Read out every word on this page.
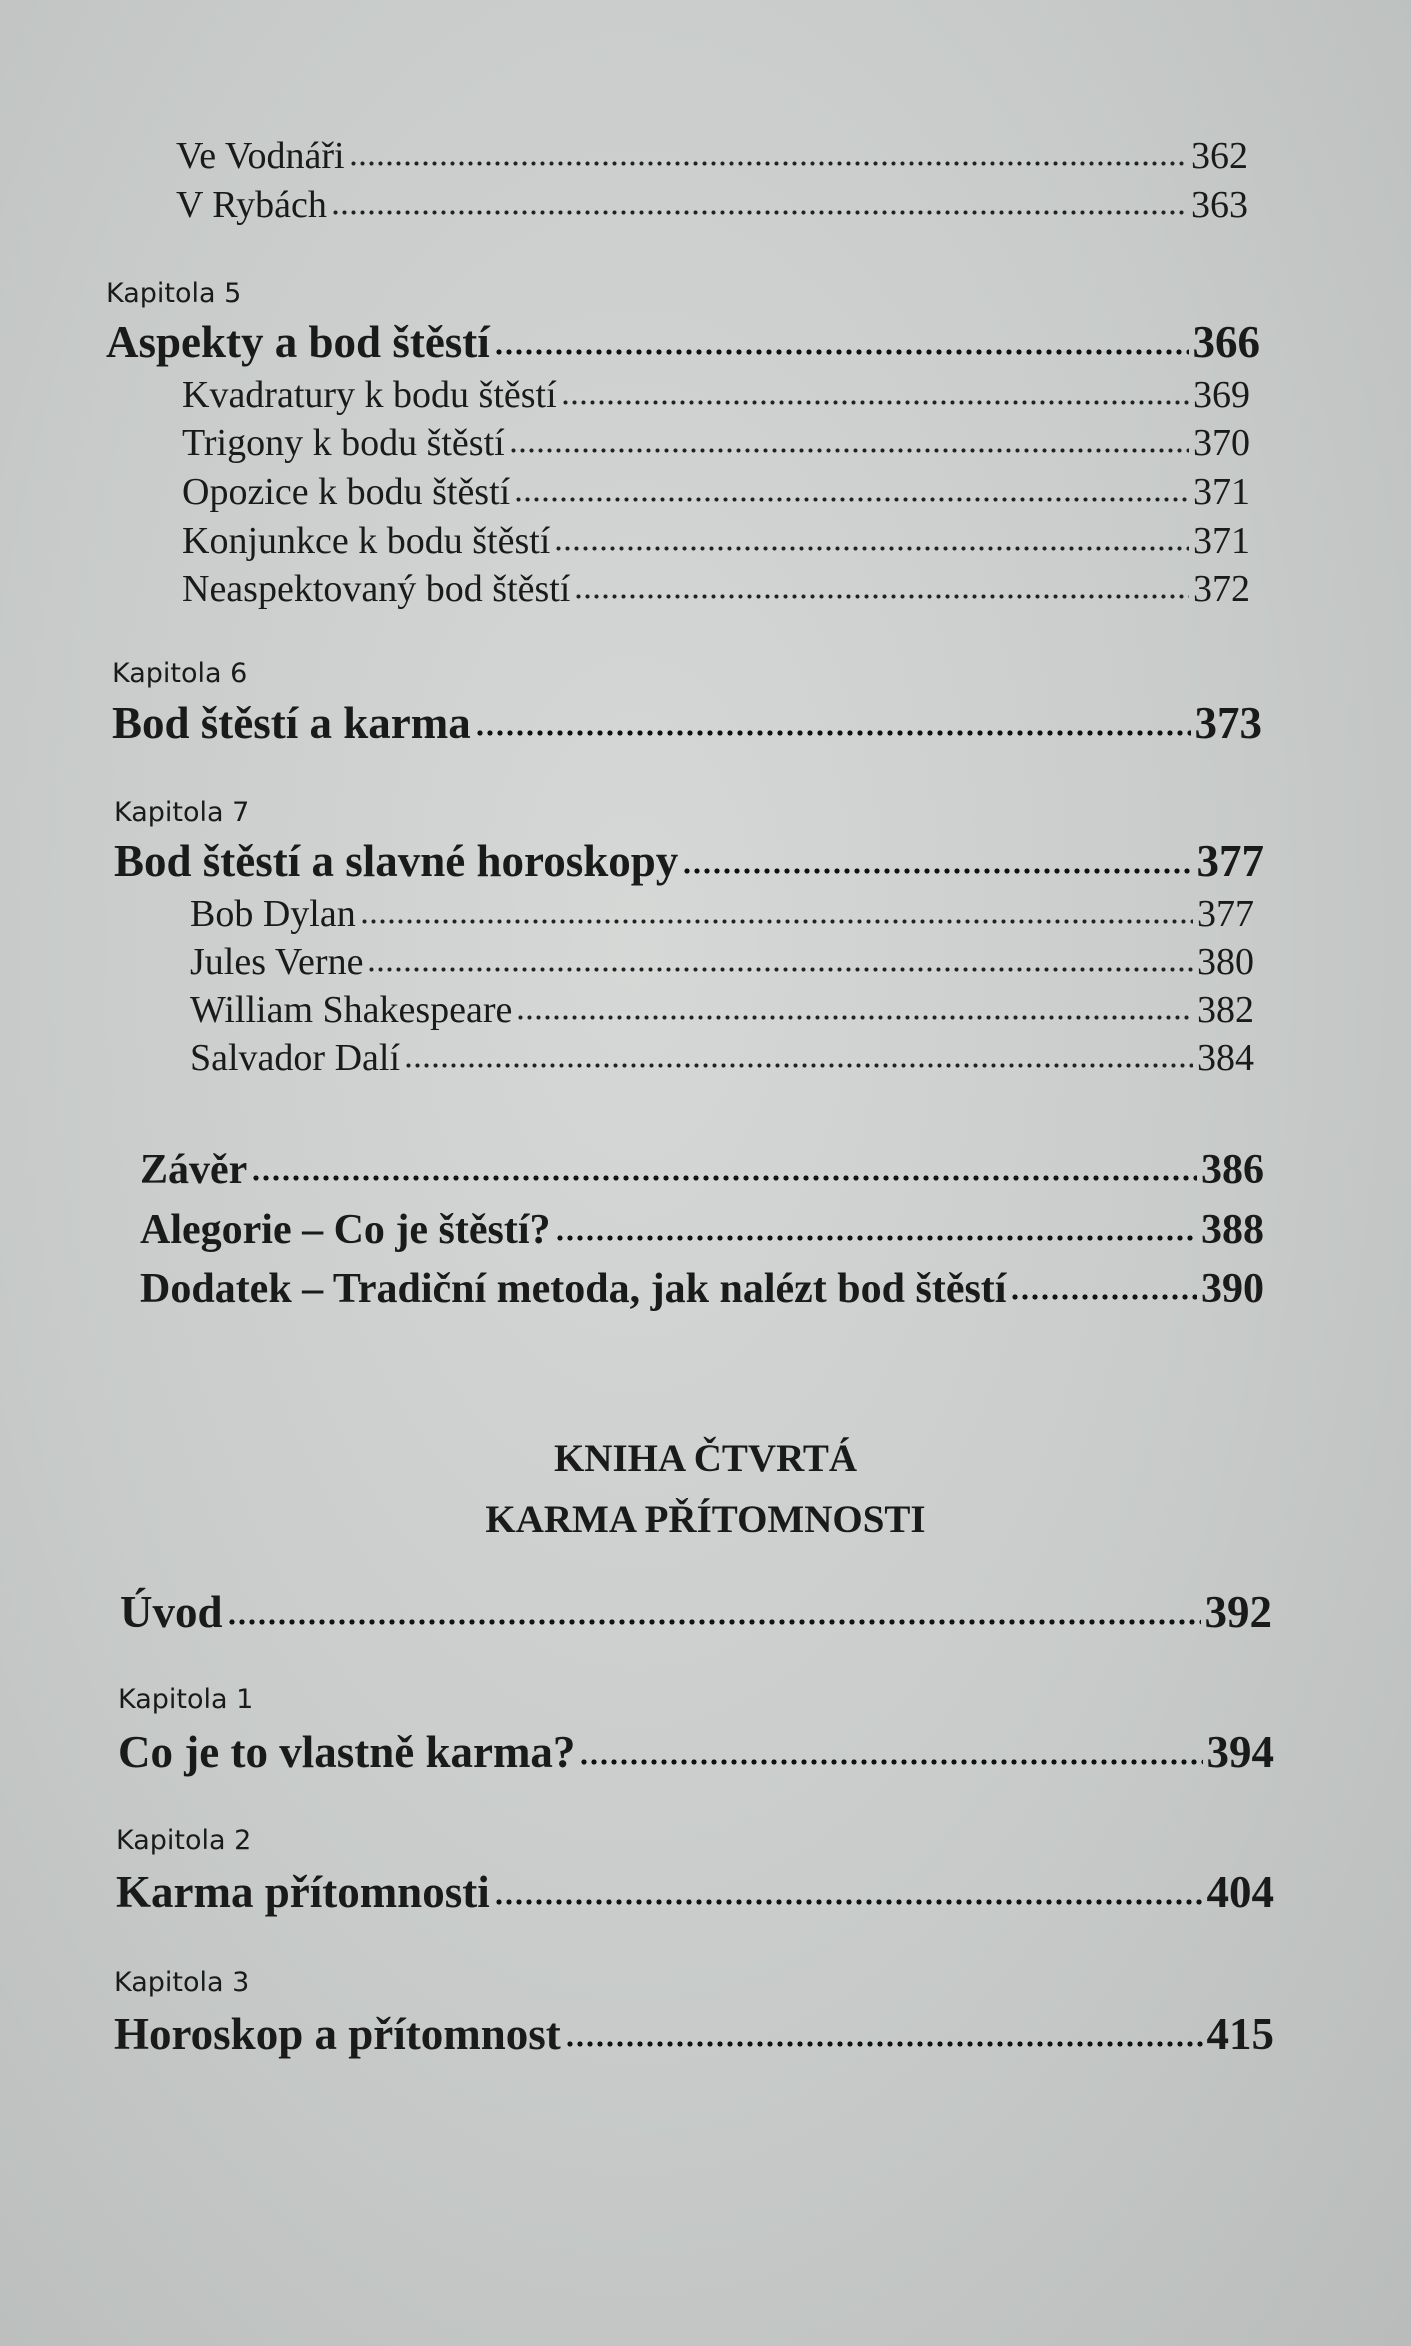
Ve Vodnáři	362
V Rybách	363
Kapitola 5
Aspekty a bod štěstí	366
Kvadratury k bodu štěstí	369
Trigony k bodu štěstí	370
Opozice k bodu štěstí	371
Konjunkce k bodu štěstí	371
Neaspektovaný bod štěstí	372
Kapitola 6
Bod štěstí a karma	373
Kapitola 7
Bod štěstí a slavné horoskopy	377
Bob Dylan	377
Jules Verne	380
William Shakespeare	382
Salvador Dalí	384
Závěr	386
Alegorie – Co je štěstí?	388
Dodatek – Tradiční metoda, jak nalézt bod štěstí	390
KNIHA ČTVRTÁ
KARMA PŘÍTOMNOSTI
Úvod	392
Kapitola 1
Co je to vlastně karma?	394
Kapitola 2
Karma přítomnosti	404
Kapitola 3
Horoskop a přítomnost	415
